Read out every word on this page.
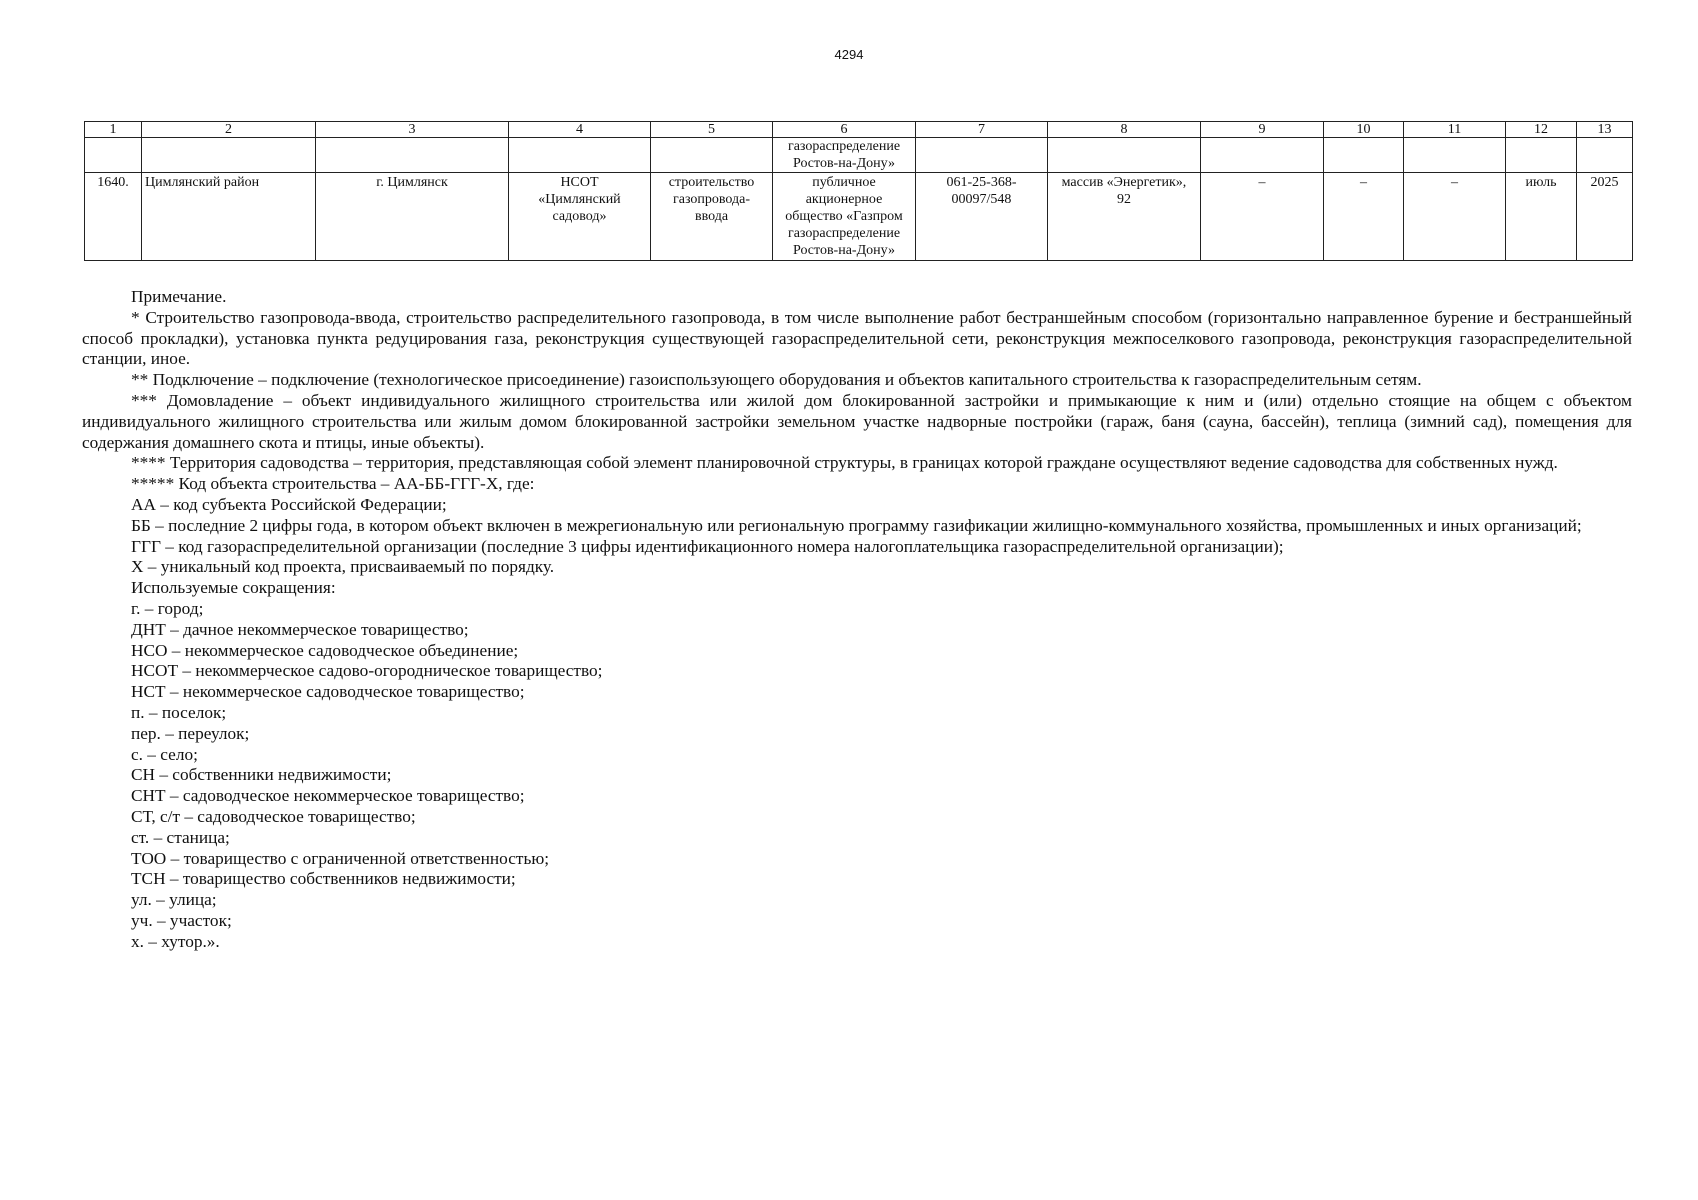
4294
1	2	3	4	5	6	7	8	9	10	11	12	13

					газораспределение
Ростов-на-Дону»							

1640.	Цимлянский район	г. Цимлянск	НСОТ
«Цимлянский
садовод»	строительство
газопровода-
ввода	публичное
акционерное
общество «Газпром
газораспределение
Ростов-на-Дону»	061-25-368-
00097/548	массив «Энергетик»,
92	–	–	–	июль	2025

Примечание.

* Строительство газопровода-ввода, строительство распределительного газопровода, в том числе выполнение работ бестраншейным способом (горизонтально направленное бурение и бестраншейный способ прокладки), установка пункта редуцирования газа, реконструкция существующей газораспределительной сети, реконструкция межпоселкового газопровода, реконструкция газораспределительной станции, иное.

** Подключение – подключение (технологическое присоединение) газоиспользующего оборудования и объектов капитального строительства к газораспределительным сетям.

*** Домовладение – объект индивидуального жилищного строительства или жилой дом блокированной застройки и примыкающие к ним и (или) отдельно стоящие на общем с объектом индивидуального жилищного строительства или жилым домом блокированной застройки земельном участке надворные постройки (гараж, баня (сауна, бассейн), теплица (зимний сад), помещения для содержания домашнего скота и птицы, иные объекты).

**** Территория садоводства – территория, представляющая собой элемент планировочной структуры, в границах которой граждане осуществляют ведение садоводства для собственных нужд.

***** Код объекта строительства – АА-ББ-ГГГ-Х, где:

АА – код субъекта Российской Федерации;

ББ – последние 2 цифры года, в котором объект включен в межрегиональную или региональную программу газификации жилищно-коммунального хозяйства, промышленных и иных организаций;

ГГГ – код газораспределительной организации (последние 3 цифры идентификационного номера налогоплательщика газораспределительной организации);

Х – уникальный код проекта, присваиваемый по порядку.

Используемые сокращения:

г. – город;

ДНТ – дачное некоммерческое товарищество;

НСО – некоммерческое садоводческое объединение;

НСОТ – некоммерческое садово-огородническое товарищество;

НСТ – некоммерческое садоводческое товарищество;

п. – поселок;

пер. – переулок;

с. – село;

СН – собственники недвижимости;

СНТ – садоводческое некоммерческое товарищество;

СТ, с/т – садоводческое товарищество;

ст. – станица;

ТОО – товарищество с ограниченной ответственностью;

ТСН – товарищество собственников недвижимости;

ул. – улица;

уч. – участок;

х. – хутор.».
